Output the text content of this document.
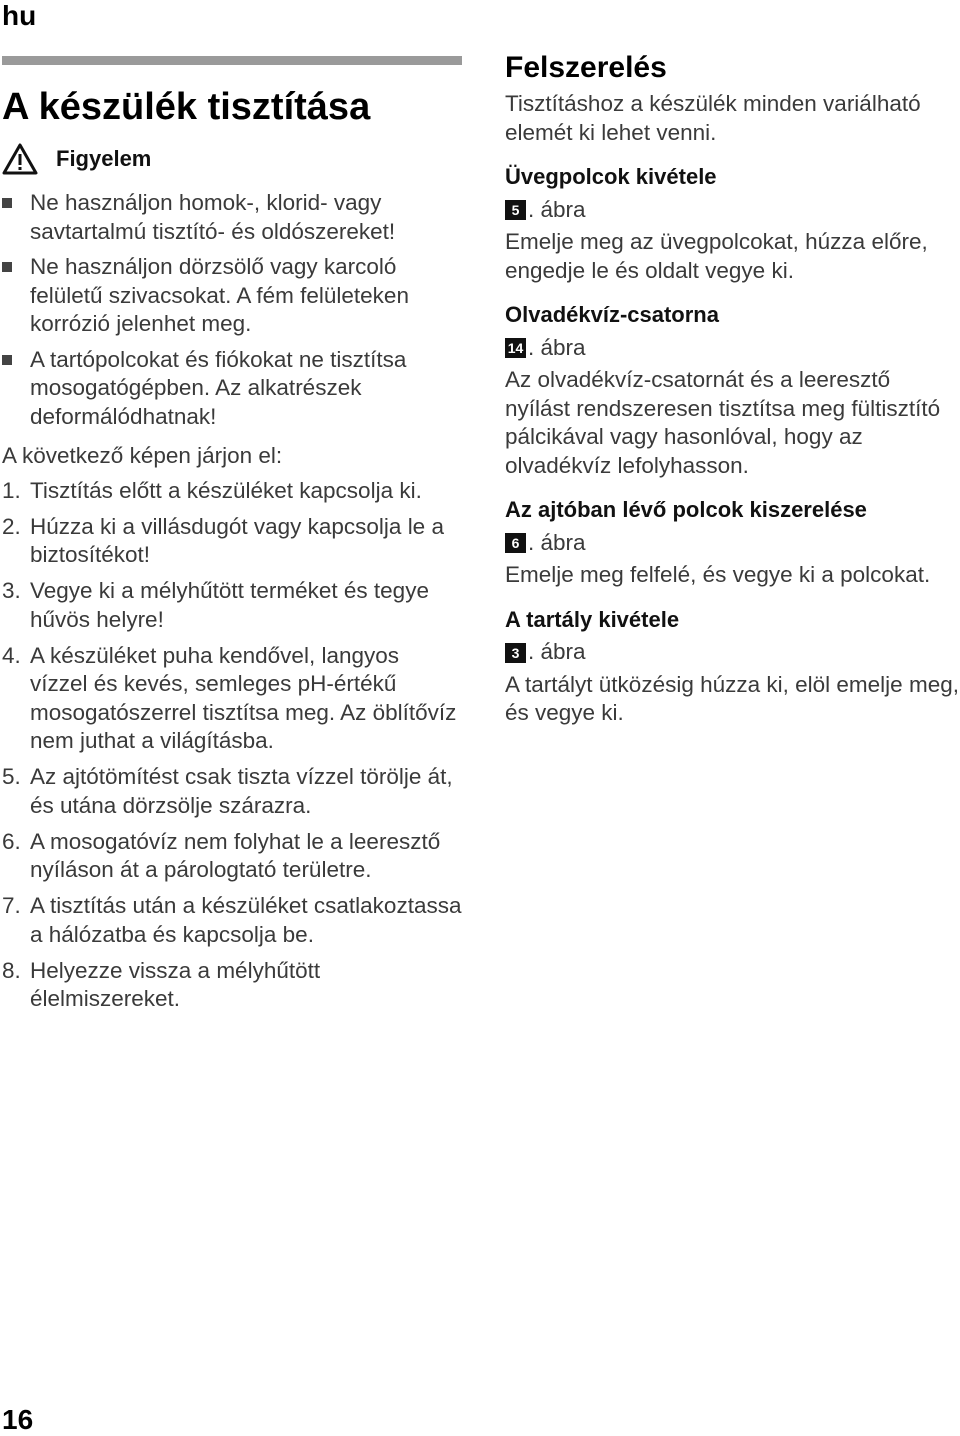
hu
A készülék tisztítása
Figyelem
Ne használjon homok-, klorid- vagy savtartalmú tisztító- és oldószereket!
Ne használjon dörzsölő vagy karcoló felületű szivacsokat. A fém felületeken korrózió jelenhet meg.
A tartópolcokat és fiókokat ne tisztítsa mosogatógépben. Az alkatrészek deformálódhatnak!
A következő képen járjon el:
1. Tisztítás előtt a készüléket kapcsolja ki.
2. Húzza ki a villásdugót vagy kapcsolja le a biztosítékot!
3. Vegye ki a mélyhűtött terméket és tegye hűvös helyre!
4. A készüléket puha kendővel, langyos vízzel és kevés, semleges pH-értékű mosogatószerrel tisztítsa meg. Az öblítővíz nem juthat a világításba.
5. Az ajtótömítést csak tiszta vízzel törölje át, és utána dörzsölje szárazra.
6. A mosogatóvíz nem folyhat le a leeresztő nyíláson át a párologtató területre.
7. A tisztítás után a készüléket csatlakoztassa a hálózatba és kapcsolja be.
8. Helyezze vissza a mélyhűtött élelmiszereket.
Felszerelés
Tisztításhoz a készülék minden variálható elemét ki lehet venni.
Üvegpolcok kivétele
5 . ábra
Emelje meg az üvegpolcokat, húzza előre, engedje le és oldalt vegye ki.
Olvadékvíz-csatorna
14 . ábra
Az olvadékvíz-csatornát és a leeresztő nyílást rendszeresen tisztítsa meg fültisztító pálcikával vagy hasonlóval, hogy az olvadékvíz lefolyhasson.
Az ajtóban lévő polcok kiszerelése
6 . ábra
Emelje meg felfelé, és vegye ki a polcokat.
A tartály kivétele
3 . ábra
A tartályt ütközésig húzza ki, elöl emelje meg, és vegye ki.
16
